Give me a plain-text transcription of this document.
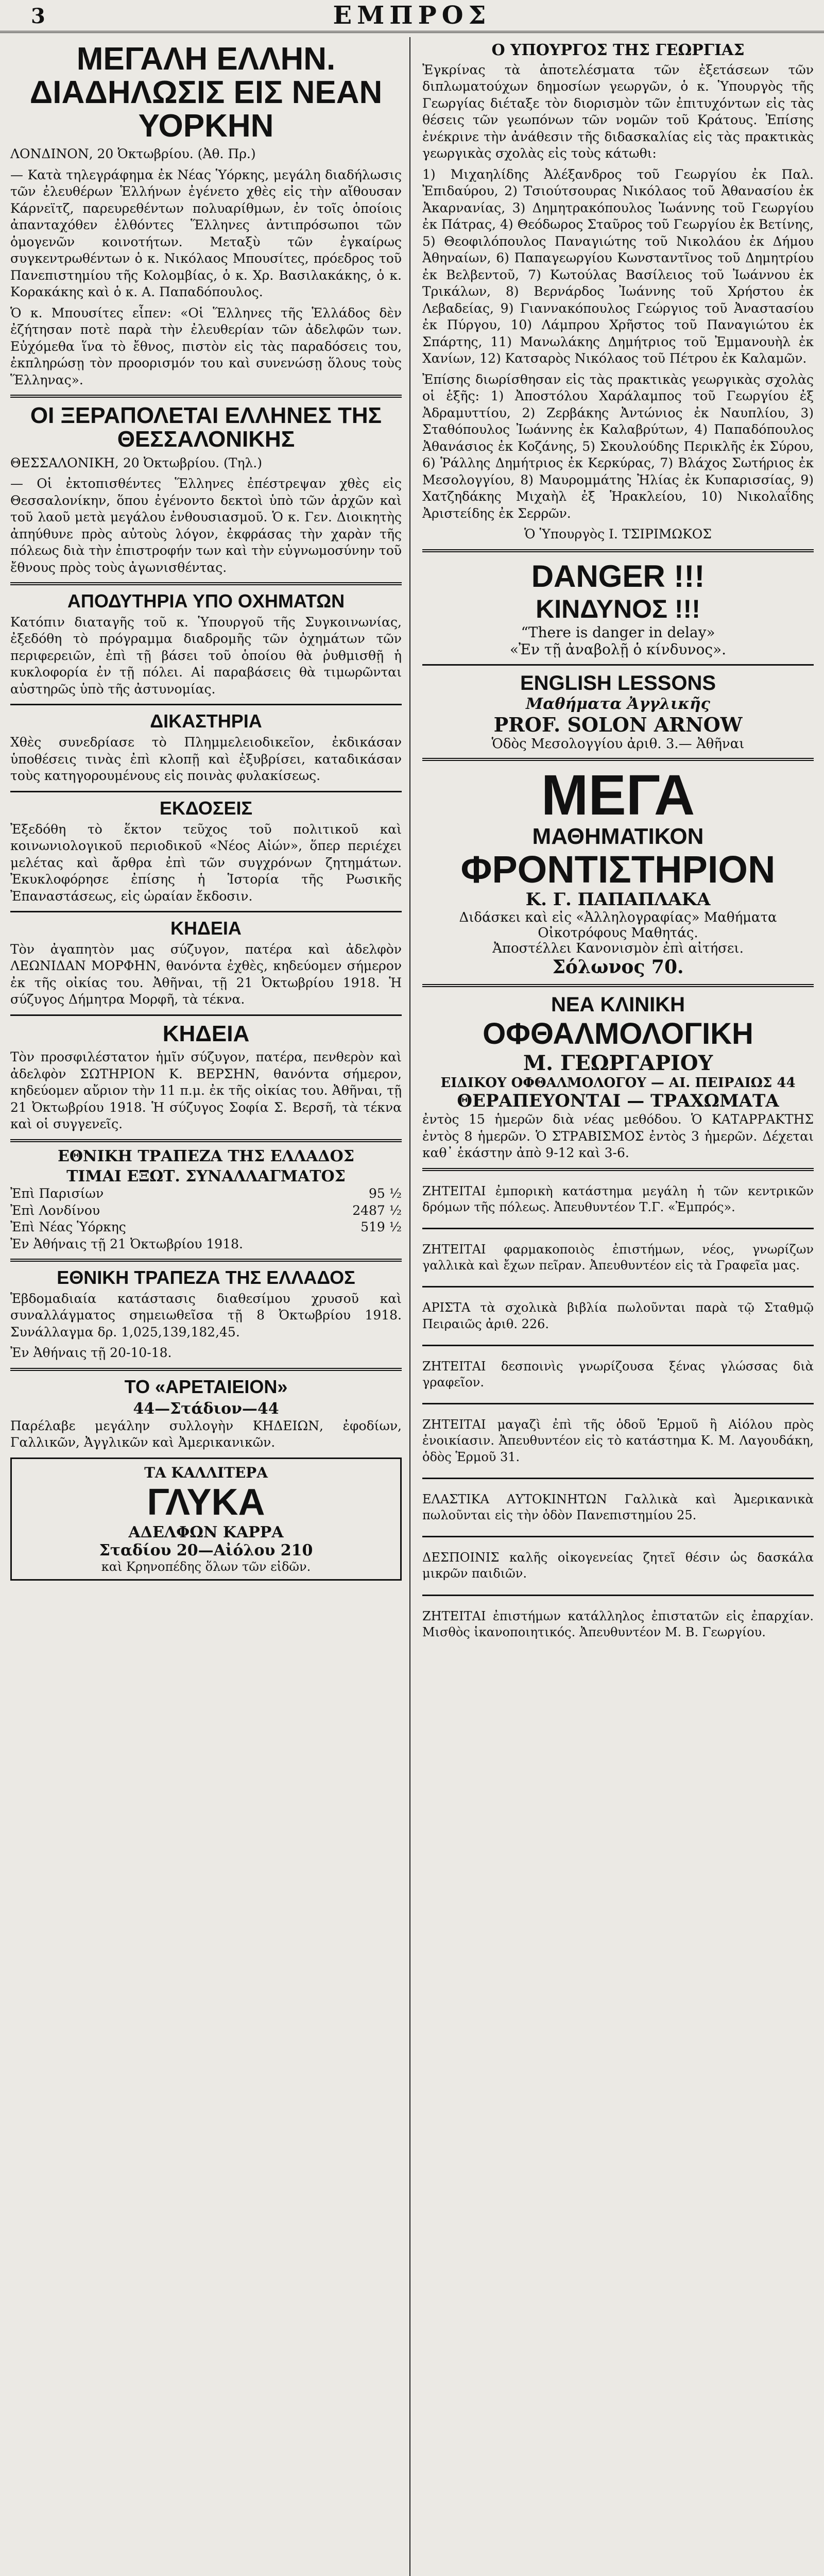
3	ΕΜΠΡΟΣ
ΜΕΓΑΛΗ ΕΛΛΗΝ. ΔΙΑΔΗΛΩΣΙΣ ΕΙΣ ΝΕΑΝ ΥΟΡΚΗΝ

ΛΟΝΔΙΝΟΝ, 20 Ὀκτωβρίου. (Ἀθ. Πρ.)

— Κατὰ τηλεγράφημα ἐκ Νέας Ὑόρκης, μεγάλη διαδήλωσις τῶν ἐλευθέρων Ἑλλήνων ἐγένετο χθὲς εἰς τὴν αἴθουσαν Κάρνεϊτζ, παρευρεθέντων πολυαρίθμων, ἐν τοῖς ὁποίοις ἀπανταχόθεν ἐλθόντες Ἕλληνες ἀντιπρόσωποι τῶν ὁμογενῶν κοινοτήτων. Μεταξὺ τῶν ἐγκαίρως συγκεντρωθέντων ὁ κ. Νικόλαος Μπουσίτες, πρόεδρος τοῦ Πανεπιστημίου τῆς Κολομβίας, ὁ κ. Χρ. Βασιλακάκης, ὁ κ. Κορακάκης καὶ ὁ κ. Α. Παπαδόπουλος.

Ὁ κ. Μπουσίτες εἶπεν: «Οἱ Ἕλληνες τῆς Ἑλλάδος δὲν ἐζήτησαν ποτὲ παρὰ τὴν ἐλευθερίαν τῶν ἀδελφῶν των. Εὐχόμεθα ἵνα τὸ ἔθνος, πιστὸν εἰς τὰς παραδόσεις του, ἐκπληρώσῃ τὸν προορισμόν του καὶ συνενώσῃ ὅλους τοὺς Ἕλληνας».

ΟΙ ΞΕΡΑΠΟΛΕΤΑΙ ΕΛΛΗΝΕΣ ΤΗΣ ΘΕΣΣΑΛΟΝΙΚΗΣ

ΘΕΣΣΑΛΟΝΙΚΗ, 20 Ὀκτωβρίου. (Τηλ.)

— Οἱ ἐκτοπισθέντες Ἕλληνες ἐπέστρεψαν χθὲς εἰς Θεσσαλονίκην, ὅπου ἐγένοντο δεκτοὶ ὑπὸ τῶν ἀρχῶν καὶ τοῦ λαοῦ μετὰ μεγάλου ἐνθουσιασμοῦ. Ὁ κ. Γεν. Διοικητὴς ἀπηύθυνε πρὸς αὐτοὺς λόγον, ἐκφράσας τὴν χαρὰν τῆς πόλεως διὰ τὴν ἐπιστροφήν των καὶ τὴν εὐγνωμοσύνην τοῦ ἔθνους πρὸς τοὺς ἀγωνισθέντας.

ΑΠΟΔΥΤΗΡΙΑ ΥΠΟ ΟΧΗΜΑΤΩΝ

Κατόπιν διαταγῆς τοῦ κ. Ὑπουργοῦ τῆς Συγκοινωνίας, ἐξεδόθη τὸ πρόγραμμα διαδρομῆς τῶν ὀχημάτων τῶν περιφερειῶν, ἐπὶ τῇ βάσει τοῦ ὁποίου θὰ ῥυθμισθῇ ἡ κυκλοφορία ἐν τῇ πόλει. Αἱ παραβάσεις θὰ τιμωρῶνται αὐστηρῶς ὑπὸ τῆς ἀστυνομίας.

ΔΙΚΑΣΤΗΡΙΑ

Χθὲς συνεδρίασε τὸ Πλημμελειοδικεῖον, ἐκδικάσαν ὑποθέσεις τινὰς ἐπὶ κλοπῇ καὶ ἐξυβρίσει, καταδικάσαν τοὺς κατηγορουμένους εἰς ποινὰς φυλακίσεως.

ΕΚΔΟΣΕΙΣ

Ἐξεδόθη τὸ ἕκτον τεῦχος τοῦ πολιτικοῦ καὶ κοινωνιολογικοῦ περιοδικοῦ «Νέος Αἰών», ὅπερ περιέχει μελέτας καὶ ἄρθρα ἐπὶ τῶν συγχρόνων ζητημάτων. Ἐκυκλοφόρησε ἐπίσης ἡ Ἱστορία τῆς Ρωσικῆς Ἐπαναστάσεως, εἰς ὡραίαν ἔκδοσιν.

ΚΗΔΕΙΑ

Τὸν ἀγαπητὸν μας σύζυγον, πατέρα καὶ ἀδελφὸν ΛΕΩΝΙΔΑΝ ΜΟΡΦΗΝ, θανόντα ἐχθὲς, κηδεύομεν σήμερον ἐκ τῆς οἰκίας του. Ἀθῆναι, τῇ 21 Ὀκτωβρίου 1918. Ἡ σύζυγος Δήμητρα Μορφῆ, τὰ τέκνα.

ΚΗΔΕΙΑ

Τὸν προσφιλέστατον ἡμῖν σύζυγον, πατέρα, πενθερὸν καὶ ἀδελφὸν ΣΩΤΗΡΙΟΝ Κ. ΒΕΡΣΗΝ, θανόντα σήμερον, κηδεύομεν αὔριον τὴν 11 π.μ. ἐκ τῆς οἰκίας του. Ἀθῆναι, τῇ 21 Ὀκτωβρίου 1918. Ἡ σύζυγος Σοφία Σ. Βερσῆ, τὰ τέκνα καὶ οἱ συγγενεῖς.

ΕΘΝΙΚΗ ΤΡΑΠΕΖΑ ΤΗΣ ΕΛΛΑΔΟΣ
ΤΙΜΑΙ ΕΞΩΤ. ΣΥΝΑΛΛΑΓΜΑΤΟΣ
Ἐπὶ Παρισίων	95 ½
Ἐπὶ Λονδίνου	2487 ½
Ἐπὶ Νέας Ὑόρκης	519 ½

Ἐν Ἀθήναις τῇ 21 Ὀκτωβρίου 1918.

ΕΘΝΙΚΗ ΤΡΑΠΕΖΑ ΤΗΣ ΕΛΛΑΔΟΣ

Ἑβδομαδιαία κατάστασις διαθεσίμου χρυσοῦ καὶ συναλλάγματος σημειωθεῖσα τῇ 8 Ὀκτωβρίου 1918. Συνάλλαγμα δρ. 1,025,139,182,45.

Ἐν Ἀθήναις τῇ 20-10-18.

ΤΟ «ΑΡΕΤΑΙΕΙΟΝ»
44—Στάδιον—44

Παρέλαβε μεγάλην συλλογὴν ΚΗΔΕΙΩΝ, ἐφοδίων, Γαλλικῶν, Ἀγγλικῶν καὶ Ἀμερικανικῶν.

ΤΑ ΚΑΛΛΙΤΕΡΑ
ΓΛΥΚΑ
ΑΔΕΛΦΩΝ ΚΑΡΡΑ
Σταδίου 20—Αἰόλου 210
καὶ Κρηνοπέδης ὅλων τῶν εἰδῶν.
Ο ΥΠΟΥΡΓΟΣ ΤΗΣ ΓΕΩΡΓΙΑΣ

Ἐγκρίνας τὰ ἀποτελέσματα τῶν ἐξετάσεων τῶν διπλωματούχων δημοσίων γεωργῶν, ὁ κ. Ὑπουργὸς τῆς Γεωργίας διέταξε τὸν διορισμὸν τῶν ἐπιτυχόντων εἰς τὰς θέσεις τῶν γεωπόνων τῶν νομῶν τοῦ Κράτους. Ἐπίσης ἐνέκρινε τὴν ἀνάθεσιν τῆς διδασκαλίας εἰς τὰς πρακτικὰς γεωργικὰς σχολὰς εἰς τοὺς κάτωθι:

1) Μιχαηλίδης Ἀλέξανδρος τοῦ Γεωργίου ἐκ Παλ. Ἐπιδαύρου, 2) Τσιούτσουρας Νικόλαος τοῦ Ἀθανασίου ἐκ Ἀκαρνανίας, 3) Δημητρακόπουλος Ἰωάννης τοῦ Γεωργίου ἐκ Πάτρας, 4) Θεόδωρος Σταῦρος τοῦ Γεωργίου ἐκ Βετίνης, 5) Θεοφιλόπουλος Παναγιώτης τοῦ Νικολάου ἐκ Δήμου Ἀθηναίων, 6) Παπαγεωργίου Κωνσταντῖνος τοῦ Δημητρίου ἐκ Βελβεντοῦ, 7) Κωτούλας Βασίλειος τοῦ Ἰωάννου ἐκ Τρικάλων, 8) Βερνάρδος Ἰωάννης τοῦ Χρήστου ἐκ Λεβαδείας, 9) Γιαννακόπουλος Γεώργιος τοῦ Ἀναστασίου ἐκ Πύργου, 10) Λάμπρου Χρῆστος τοῦ Παναγιώτου ἐκ Σπάρτης, 11) Μανωλάκης Δημήτριος τοῦ Ἐμμανουὴλ ἐκ Χανίων, 12) Κατσαρὸς Νικόλαος τοῦ Πέτρου ἐκ Καλαμῶν.

Ἐπίσης διωρίσθησαν εἰς τὰς πρακτικὰς γεωργικὰς σχολὰς οἱ ἑξῆς: 1) Ἀποστόλου Χαράλαμπος τοῦ Γεωργίου ἐξ Ἀδραμυττίου, 2) Ζερβάκης Ἀντώνιος ἐκ Ναυπλίου, 3) Σταθόπουλος Ἰωάννης ἐκ Καλαβρύτων, 4) Παπαδόπουλος Ἀθανάσιος ἐκ Κοζάνης, 5) Σκουλούδης Περικλῆς ἐκ Σύρου, 6) Ῥάλλης Δημήτριος ἐκ Κερκύρας, 7) Βλάχος Σωτήριος ἐκ Μεσολογγίου, 8) Μαυρομμάτης Ἠλίας ἐκ Κυπαρισσίας, 9) Χατζηδάκης Μιχαὴλ ἐξ Ἡρακλείου, 10) Νικολαΐδης Ἀριστείδης ἐκ Σερρῶν.

Ὁ Ὑπουργὸς Ι. ΤΣΙΡΙΜΩΚΟΣ

DANGER !!!
ΚΙΝΔΥΝΟΣ !!!
“There is danger in delay»
«Ἐν τῇ ἀναβολῇ ὁ κίνδυνος».
ENGLISH LESSONS
Μαθήματα Ἀγγλικῆς
PROF. SOLON ARNOW
Ὁδὸς Μεσολογγίου ἀριθ. 3.— Ἀθῆναι
ΜΕΓΑ
ΜΑΘΗΜΑΤΙΚΟΝ
ΦΡΟΝΤΙΣΤΗΡΙΟΝ
Κ. Γ. ΠΑΠΑΠΛΑΚΑ
Διδάσκει καὶ εἰς «Ἀλληλογραφίας» Μαθήματα Οἰκοτρόφους Μαθητάς.
Ἀποστέλλει Κανονισμὸν ἐπὶ αἰτήσει.
Σόλωνος 70.
ΝΕΑ ΚΛΙΝΙΚΗ
ΟΦΘΑΛΜΟΛΟΓΙΚΗ
Μ. ΓΕΩΡΓΑΡΙΟΥ
ΕΙΔΙΚΟΥ ΟΦΘΑΛΜΟΛΟΓΟΥ — ΑΙ. ΠΕΙΡΑΙΩΣ 44
ΘΕΡΑΠΕΥΟΝΤΑΙ — ΤΡΑΧΩΜΑΤΑ

ἐντὸς 15 ἡμερῶν διὰ νέας μεθόδου. Ὁ ΚΑΤΑΡΡΑΚΤΗΣ ἐντὸς 8 ἡμερῶν. Ὁ ΣΤΡΑΒΙΣΜΟΣ ἐντὸς 3 ἡμερῶν. Δέχεται καθ᾽ ἑκάστην ἀπὸ 9-12 καὶ 3-6.

ΖΗΤΕΙΤΑΙ ἐμπορικὴ κατάστημα μεγάλη ἡ τῶν κεντρικῶν δρόμων τῆς πόλεως. Ἀπευθυντέον Τ.Γ. «Ἐμπρός».

ΖΗΤΕΙΤΑΙ φαρμακοποιὸς ἐπιστήμων, νέος, γνωρίζων γαλλικὰ καὶ ἔχων πεῖραν. Ἀπευθυντέον εἰς τὰ Γραφεῖα μας.

ΑΡΙΣΤΑ τὰ σχολικὰ βιβλία πωλοῦνται παρὰ τῷ Σταθμῷ Πειραιῶς ἀριθ. 226.

ΖΗΤΕΙΤΑΙ δεσποινὶς γνωρίζουσα ξένας γλώσσας διὰ γραφεῖον.

ΖΗΤΕΙΤΑΙ μαγαζὶ ἐπὶ τῆς ὁδοῦ Ἑρμοῦ ἢ Αἰόλου πρὸς ἐνοικίασιν. Ἀπευθυντέον εἰς τὸ κατάστημα Κ. Μ. Λαγουδάκη, ὁδὸς Ἑρμοῦ 31.

ΕΛΑΣΤΙΚΑ ΑΥΤΟΚΙΝΗΤΩΝ Γαλλικὰ καὶ Ἀμερικανικὰ πωλοῦνται εἰς τὴν ὁδὸν Πανεπιστημίου 25.

ΔΕΣΠΟΙΝΙΣ καλῆς οἰκογενείας ζητεῖ θέσιν ὡς δασκάλα μικρῶν παιδιῶν.

ΖΗΤΕΙΤΑΙ ἐπιστήμων κατάλληλος ἐπιστατῶν εἰς ἐπαρχίαν. Μισθὸς ἱκανοποιητικός. Ἀπευθυντέον Μ. Β. Γεωργίου.
